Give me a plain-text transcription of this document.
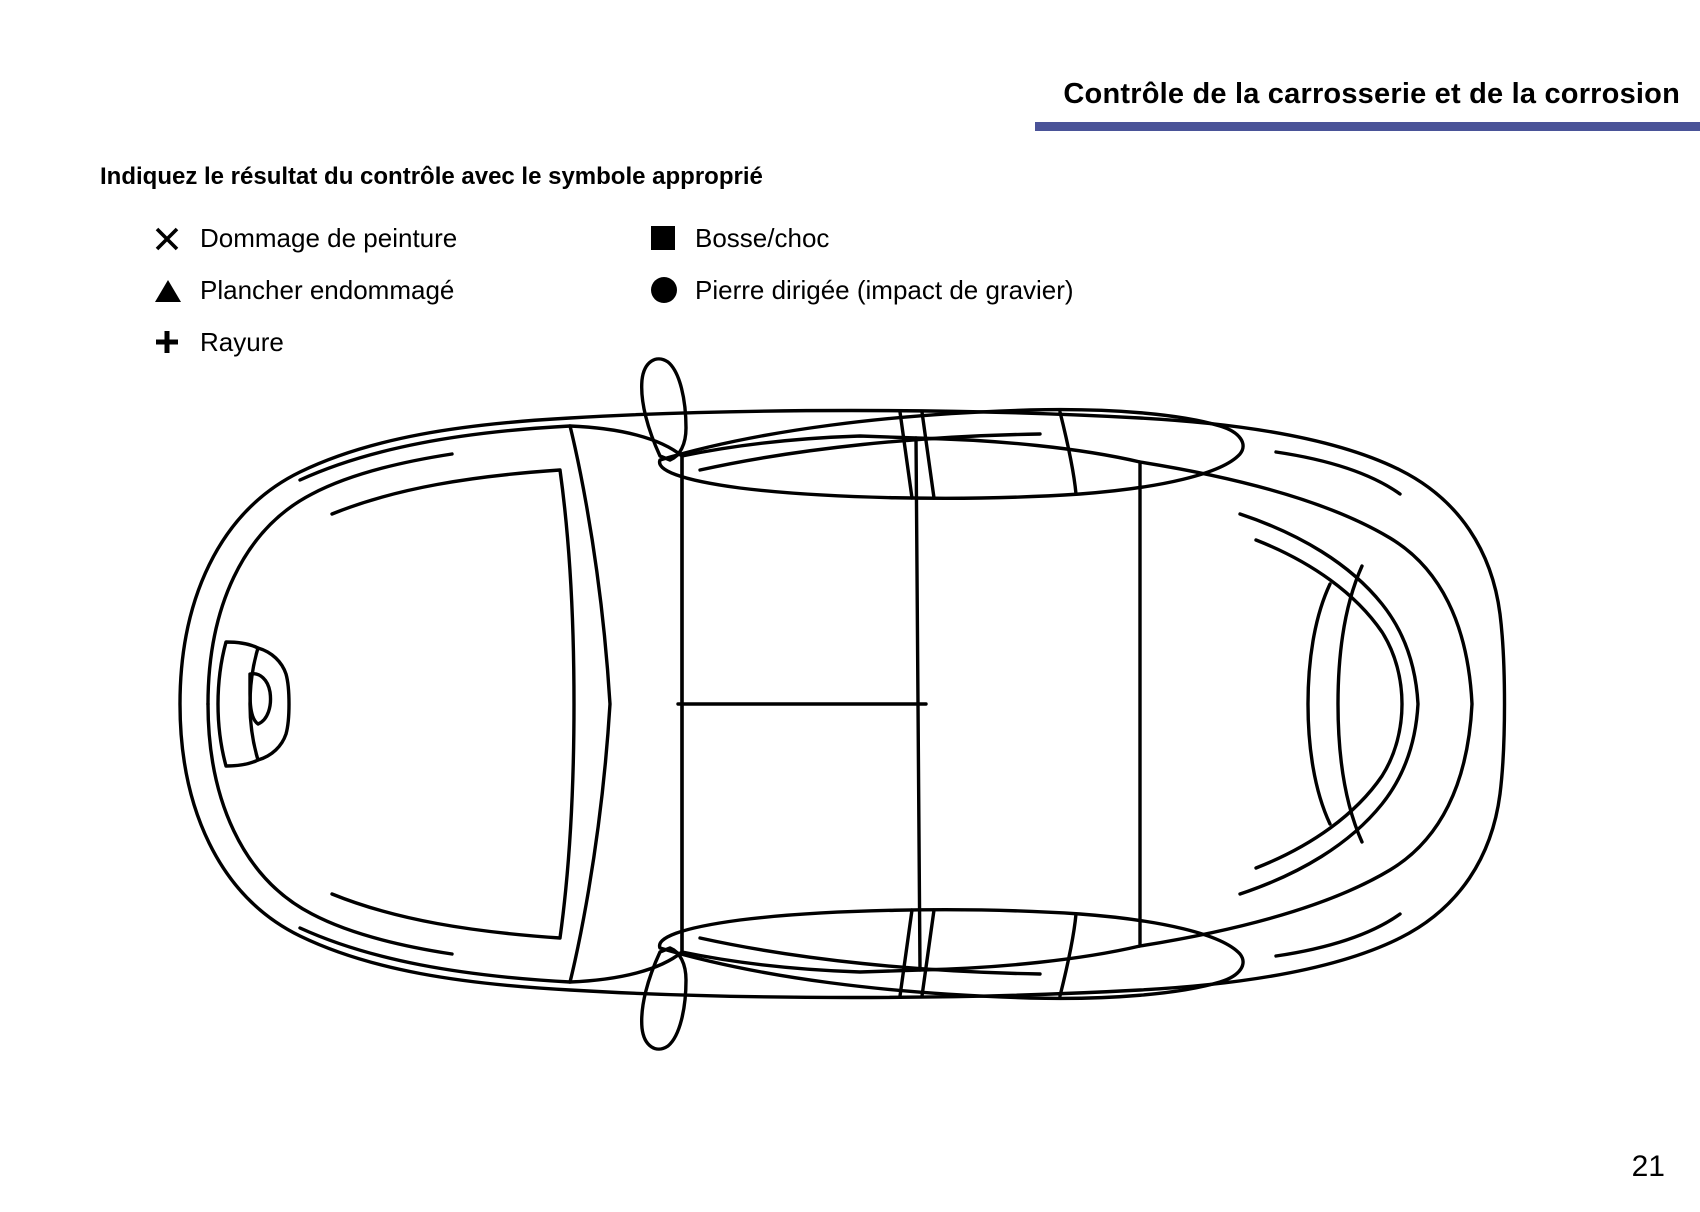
Contrôle de la carrosserie et de la corrosion
Indiquez le résultat du contrôle avec le symbole approprié
Dommage de peinture
Plancher endommagé
Rayure
Bosse/choc
Pierre dirigée (impact de gravier)
21
